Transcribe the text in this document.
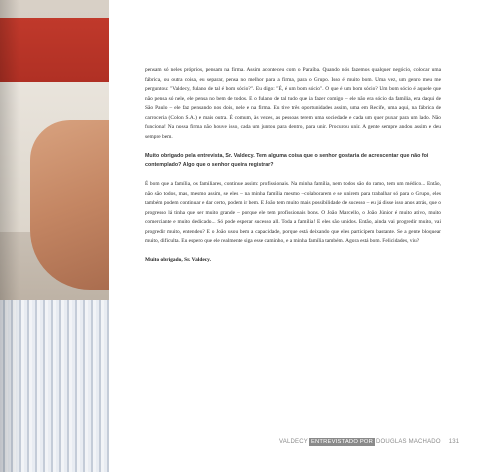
pensam só neles próprios, pensam na firma. Assim aconteceu com o Paraíba. Quando nós fazemos qualquer negócio, colocar uma fábrica, ou outra coisa, eu separar, pensa no melhor para a firma, para o Grupo. Isso é muito bom. Uma vez, um genro meu me perguntou: "Valdecy, fulano de tal é bom sócio?". Eu digo: "É, é um bom sócio". O que é um bom sócio? Um bom sócio é aquele que não pensa só nele, ele pensa no bem de todos. E o fulano de tal tudo que ia fazer comigo – ele não era sócio da família, era daqui de São Paulo – ele faz pensando nos dois, nele e na firma. Eu tive três oportunidades assim, uma em Recife, uma aqui, na fábrica de carroceria (Colon S.A.) e mais outra. É comum, às vezes, as pessoas terem uma sociedade e cada um quer puxar para um lado. Não funciona! Na nossa firma não houve isso, cada um juntou para dentro, para unir. Procurou unir. A gente sempre andou assim e deu sempre bem.

Muito obrigado pela entrevista, Sr. Valdecy. Tem alguma coisa que o senhor gostaria de acrescentar que não foi contemplado? Algo que o senhor queira registrar?

É bom que a família, os familiares, continue assim: profissionais. Na minha família, nem todos são do ramo, tem um médico... Então, não são todos, mas, mesmo assim, se eles – na minha família mesmo –colaborarem e se unirem para trabalhar só para o Grupo, eles também podem continuar e dar certo, podem ir bem. E João tem muito mais possibilidade de sucesso – eu já disse isso anos atrás, que o progresso lá tinha que ser muito grande – porque ele tem profissionais bons. O João Marcello, o João Júnior é muito ativo, muito comerciante e muito dedicado... Só pode esperar sucesso all. Toda a família! E eles são unidos. Então, ainda vai progredir muito, vai progredir muito, entendeu? E o João usou bem a capacidade, porque está deixando que eles participem bastante. Se a gente bloquear muito, dificulta. Eu espero que ele realmente siga esse caminho, e a minha família também. Agora está bom. Felicidades, viu?

Muito obrigado, Sr. Valdecy.

VALDECY ENTREVISTADO POR DOUGLAS MACHADO 131
